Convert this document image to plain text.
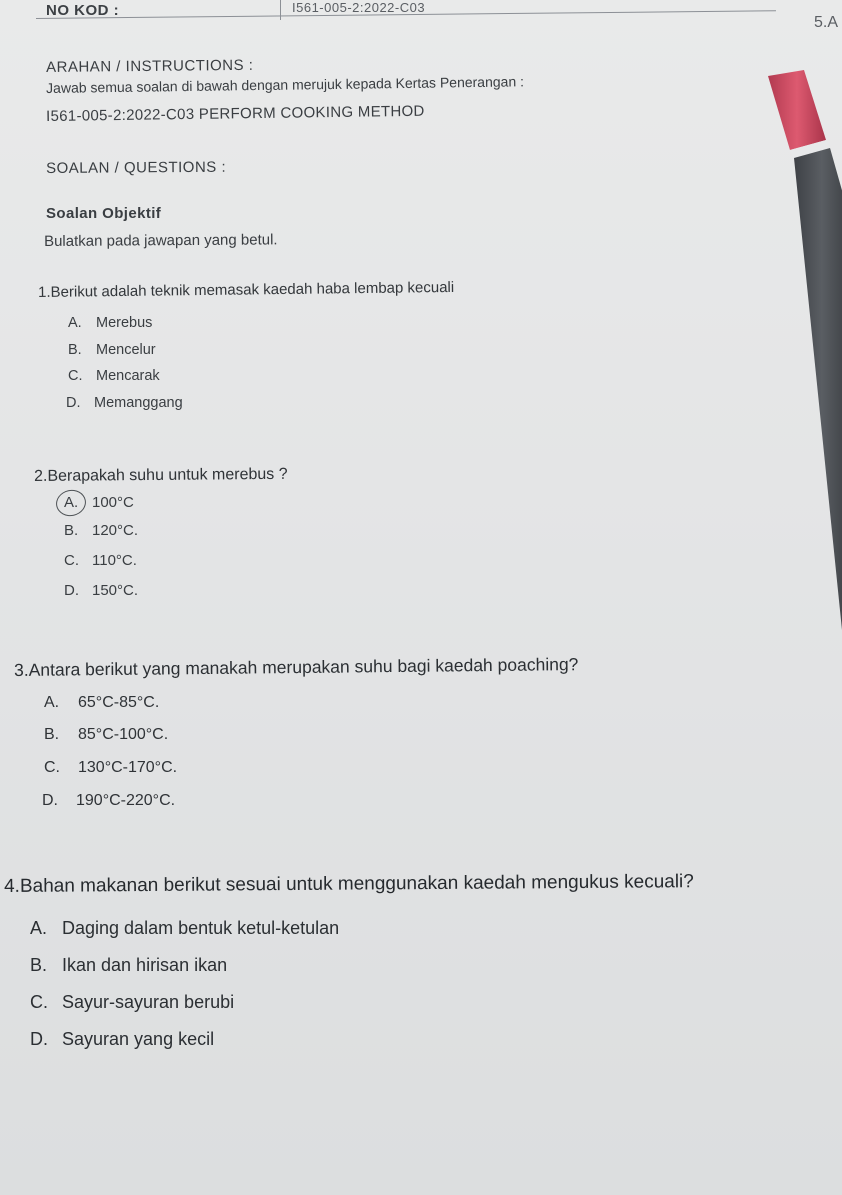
NO KOD :	I561-005-2:2022-C03
5.A
ARAHAN / INSTRUCTIONS :
Jawab semua soalan di bawah dengan merujuk kepada Kertas Penerangan :
I561-005-2:2022-C03 PERFORM COOKING METHOD
SOALAN / QUESTIONS :
Soalan Objektif
Bulatkan pada jawapan yang betul.
1.Berikut adalah teknik memasak kaedah haba lembap kecuali
A. Merebus
B. Mencelur
C. Mencarak
D. Memanggang
2.Berapakah suhu untuk merebus ?
A. 100°C
B. 120°C.
C. 110°C.
D. 150°C.
3.Antara berikut yang manakah merupakan suhu bagi kaedah poaching?
A. 65°C-85°C.
B. 85°C-100°C.
C. 130°C-170°C.
D. 190°C-220°C.
4.Bahan makanan berikut sesuai untuk menggunakan kaedah mengukus kecuali?
A. Daging dalam bentuk ketul-ketulan
B. Ikan dan hirisan ikan
C. Sayur-sayuran berubi
D. Sayuran yang kecil
